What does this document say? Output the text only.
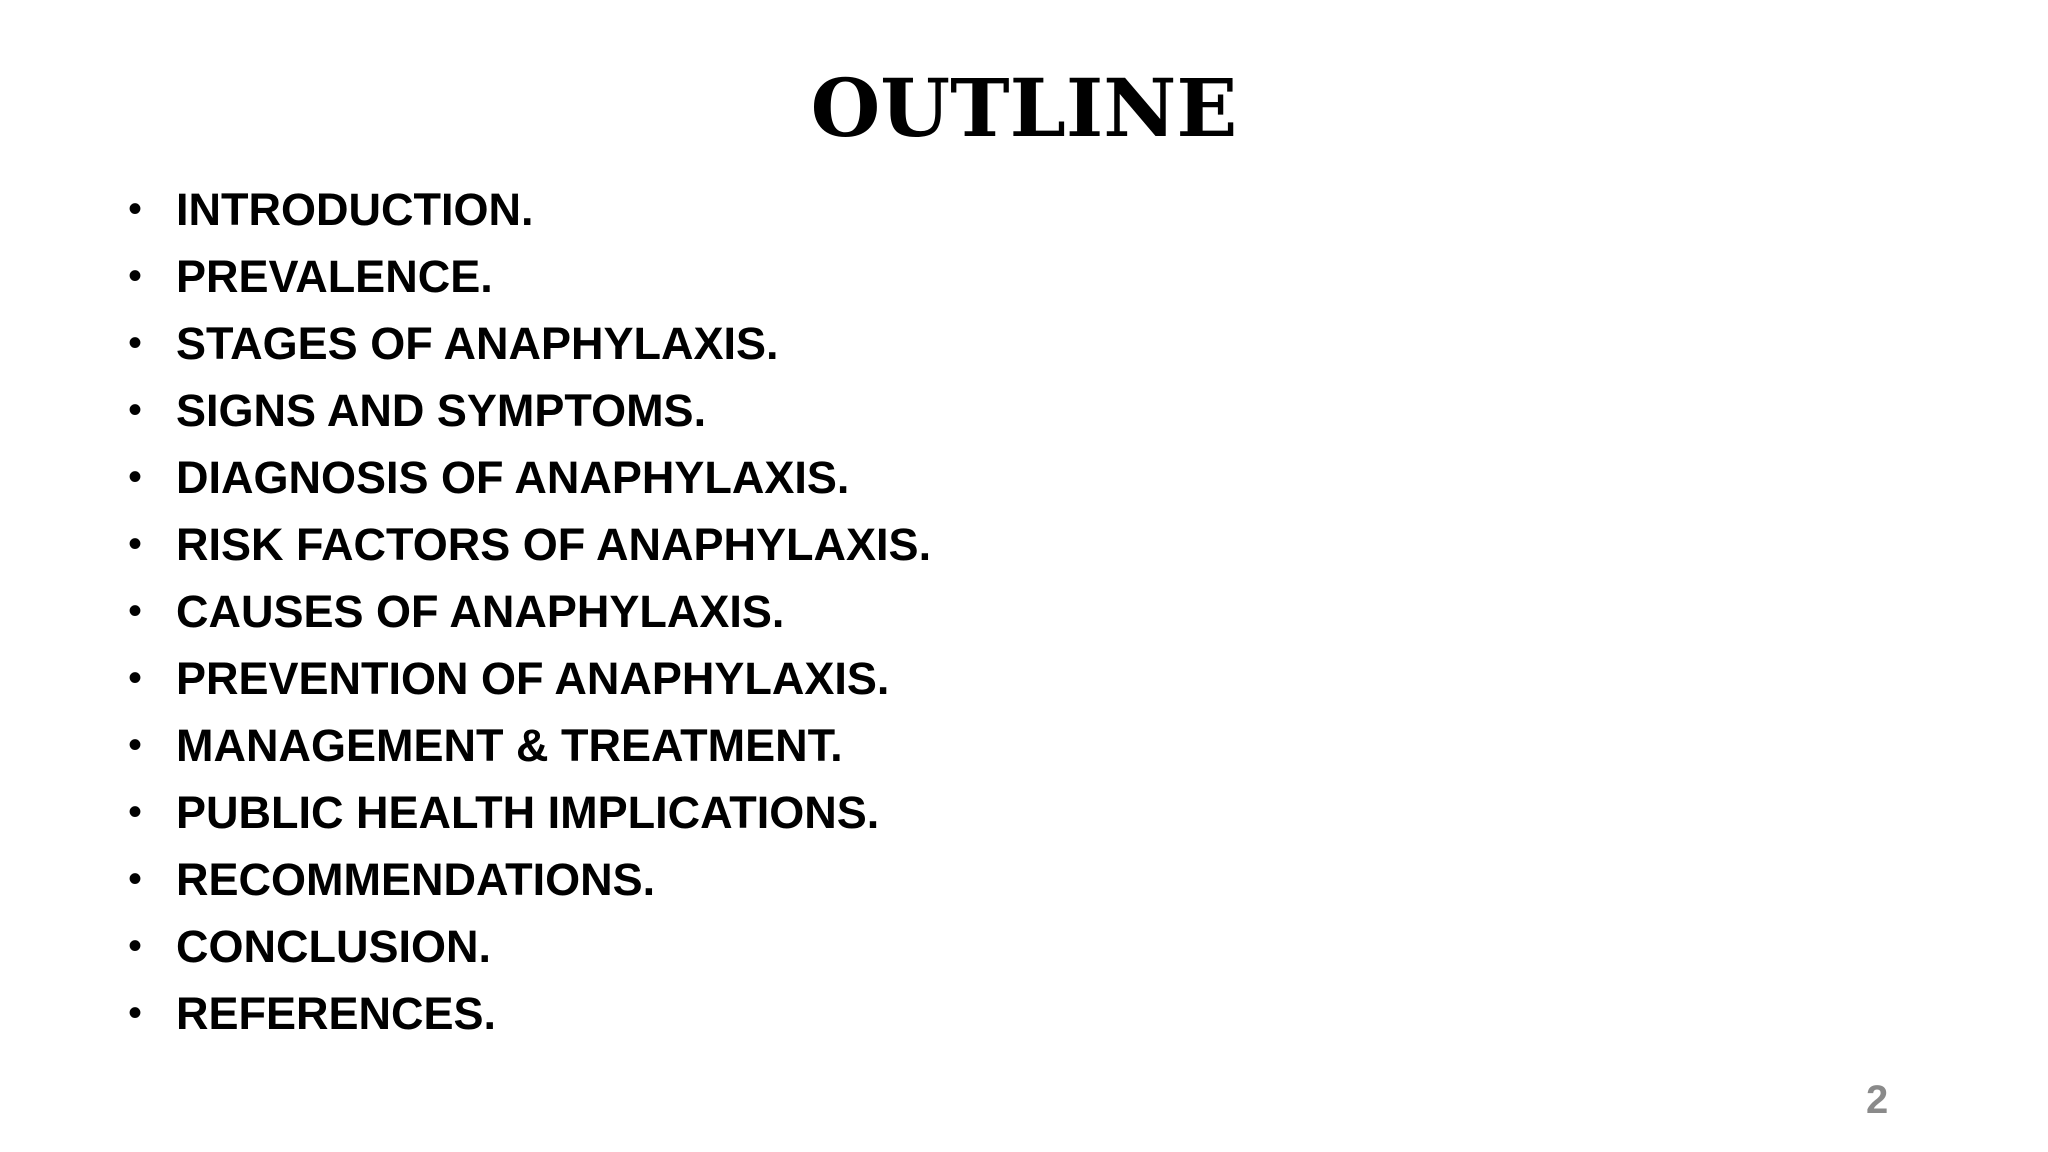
OUTLINE
• INTRODUCTION.
• PREVALENCE.
• STAGES OF ANAPHYLAXIS.
• SIGNS AND SYMPTOMS.
• DIAGNOSIS OF ANAPHYLAXIS.
• RISK FACTORS OF ANAPHYLAXIS.
• CAUSES OF ANAPHYLAXIS.
• PREVENTION OF ANAPHYLAXIS.
• MANAGEMENT & TREATMENT.
• PUBLIC HEALTH IMPLICATIONS.
• RECOMMENDATIONS.
• CONCLUSION.
• REFERENCES.
2
